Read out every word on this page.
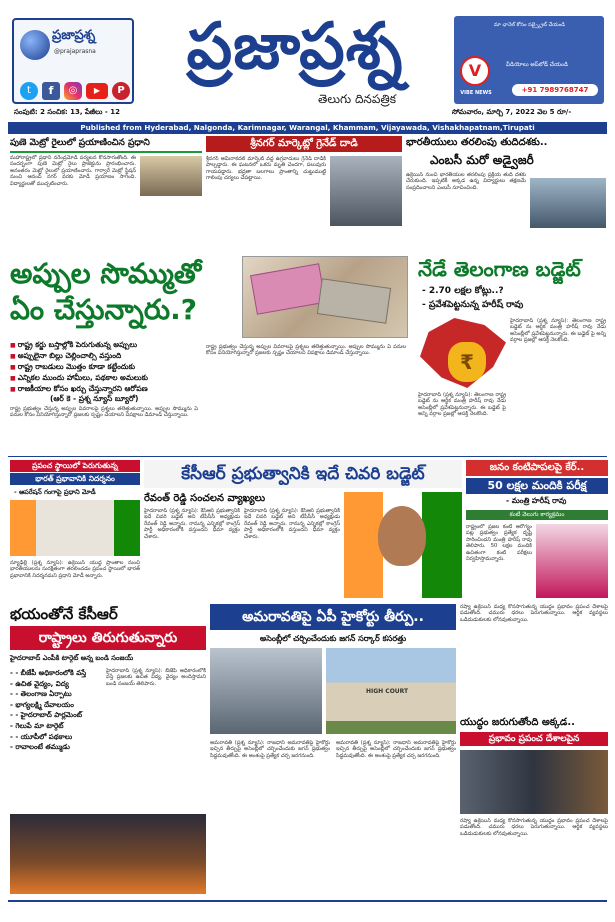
ప్రజాప్రశ్న
@prajaprasna
t	f	◎	▶	P
ప్రజాప్రశ్న
తెలుగు దినపత్రిక
మా ఛానెల్ కోసం సబ్స్క్రైబ్ చేయండి
V
VIBE NEWS
వీడియోలు అప్‌లోడ్ చేయండి
+91 7989768747
సంపుటి: 2 సంచిక: 13, పేజీలు - 12	సోమవారం, మార్చి 7, 2022 వెల 5 రూ/-
Published from Hyderabad, Nalgonda, Karimnagar, Warangal, Khammam, Vijayawada, Vishakhapatnam,Tirupati
పుణె మెట్రో రైలులో ప్రయాణించిన ప్రధాని
మహారాష్ట్రలో ప్రధాని నరేంద్రమోడీ పర్యటన కొనసాగుతోంది. ఈ సందర్భంగా పుణె మెట్రో రైలు ప్రాజెక్టును ప్రారంభించారు. అనంతరం మెట్రో రైలులో ప్రయాణించారు. గార్వారే మెట్రో స్టేషన్ నుంచి ఆనంద్ నగర్ వరకు మోడీ ప్రయాణం సాగింది. విద్యార్థులతో ముచ్చటించారు.
శ్రీనగర్ మార్కెట్లో గ్రెనేడ్ దాడి
శ్రీనగర్ అమీరాకదల్ మార్కెట్ వద్ద ఉగ్రవాదులు గ్రెనేడ్ దాడికి పాల్పడ్డారు. ఈ ఘటనలో ఒకరు మృతి చెందగా, పలువురు గాయపడ్డారు. భద్రతా బలగాలు ప్రాంతాన్ని చుట్టుముట్టి గాలింపు చర్యలు చేపట్టాయి.
భారతీయులు తరలింపు తుదిదశకు..
ఎంబసీ మరో అడ్వైజరీ
ఉక్రెయిన్ నుంచి భారతీయుల తరలింపు ప్రక్రియ తుది దశకు చేరుకుంది. ఇప్పటికీ అక్కడ ఉన్న విద్యార్థులు తక్షణమే సంప్రదించాలని ఎంబసీ సూచించింది.
అప్పుల సొమ్ముతో
ఏం చేస్తున్నారు.?
■ రాష్ట్ర కర్జు బస్తాల్లోకి పెరుగుతున్న అప్పులు
■ అప్పులైనా బిల్లు చెల్లించాల్సి వస్తుంది
■ రాష్ట్ర రాబడులు మొత్తం కూడా కట్టేందుకు
■ ఎన్నికల ముందు హామీలు, పథకాల అమలుకు
■ రాజకీయాల కోసం ఖర్చు చేస్తున్నారని ఆరోపణ
(ఆర్ కె - ప్రశ్న న్యూస్ బ్యూరో)
రాష్ట్ర ప్రభుత్వం చేస్తున్న అప్పుల వివరాలపై ప్రశ్నలు తలెత్తుతున్నాయి. అప్పుల సొమ్మును ఏ పనుల కోసం వినియోగిస్తున్నారో ప్రజలకు స్పష్టం చేయాలని విపక్షాలు డిమాండ్ చేస్తున్నాయి.
రాష్ట్ర ప్రభుత్వం చేస్తున్న అప్పుల వివరాలపై ప్రశ్నలు తలెత్తుతున్నాయి. అప్పుల సొమ్మును ఏ పనుల కోసం వినియోగిస్తున్నారో ప్రజలకు స్పష్టం చేయాలని విపక్షాలు డిమాండ్ చేస్తున్నాయి.
నేడే తెలంగాణ బడ్జెట్
- 2.70 లక్షల కోట్లు..?
- ప్రవేశపెట్టనున్న హరీష్ రావు
₹
హైదరాబాద్ (ప్రశ్న న్యూస్): తెలంగాణ రాష్ట్ర బడ్జెట్ ను ఆర్థిక మంత్రి హరీష్ రావు నేడు అసెంబ్లీలో ప్రవేశపెట్టనున్నారు. ఈ బడ్జెట్ పై అన్ని వర్గాల ప్రజల్లో ఆసక్తి నెలకొంది.
హైదరాబాద్ (ప్రశ్న న్యూస్): తెలంగాణ రాష్ట్ర బడ్జెట్ ను ఆర్థిక మంత్రి హరీష్ రావు నేడు అసెంబ్లీలో ప్రవేశపెట్టనున్నారు. ఈ బడ్జెట్ పై అన్ని వర్గాల ప్రజల్లో ఆసక్తి నెలకొంది.
ప్రపంచ స్థాయిలో పెరుగుతున్న
భారత్ ప్రభావానికి నిదర్శనం
- ఆపరేషన్ గంగాపై ప్రధాని మోడీ
న్యూఢిల్లీ (ప్రశ్న న్యూస్): ఉక్రెయిన్ యుద్ధ ప్రాంతాల నుంచి భారతీయులను సురక్షితంగా తరలించడం ప్రపంచ స్థాయిలో భారత్ ప్రభావానికి నిదర్శనమని ప్రధాని మోడీ అన్నారు.
కేసీఆర్ ప్రభుత్వానికి ఇదే చివరి బడ్జెట్
రేవంత్ రెడ్డి సంచలన వ్యాఖ్యలు
హైదరాబాద్ (ప్రశ్న న్యూస్): కేసీఆర్ ప్రభుత్వానికి ఇదే చివరి బడ్జెట్ అని టీపీసీసీ అధ్యక్షుడు రేవంత్ రెడ్డి అన్నారు. రానున్న ఎన్నికల్లో కాంగ్రెస్ పార్టీ అధికారంలోకి వస్తుందని ధీమా వ్యక్తం చేశారు.
హైదరాబాద్ (ప్రశ్న న్యూస్): కేసీఆర్ ప్రభుత్వానికి ఇదే చివరి బడ్జెట్ అని టీపీసీసీ అధ్యక్షుడు రేవంత్ రెడ్డి అన్నారు. రానున్న ఎన్నికల్లో కాంగ్రెస్ పార్టీ అధికారంలోకి వస్తుందని ధీమా వ్యక్తం చేశారు.
జనం కంటిపాపలపై కేర్..
50 లక్షల మందికి పరీక్ష
- మంత్రి హరీష్ రావు
కంటి వెలుగు కార్యక్రమం
రాష్ట్రంలో ప్రజల కంటి ఆరోగ్యం పట్ల ప్రభుత్వం ప్రత్యేక దృష్టి సారించిందని మంత్రి హరీష్ రావు తెలిపారు. 50 లక్షల మందికి ఉచితంగా కంటి పరీక్షలు నిర్వహిస్తామన్నారు.
భయంతోనే కేసీఆర్
రాష్ట్రాలు తిరుగుతున్నారు
హైదరాబాద్ ఎంపీకి టార్గెట్ అన్న బండి సంజయ్
- - బీజేపీ అధికారంలోకి వస్తే
- ఉచిత వైద్యం, విద్య
- - తెలంగాణ ఏర్పాటు
- భాగ్యలక్ష్మి దేవాలయం
- - హైదరాబాద్ పార్లమెంట్
- గెలుపే మా టార్గెట్
- - యూపీలో పథకాలు
- రావాలంటే తమ్ముడు
హైదరాబాద్ (ప్రశ్న న్యూస్): బీజేపీ అధికారంలోకి వస్తే ప్రజలకు ఉచిత విద్య, వైద్యం అందిస్తామని బండి సంజయ్ తెలిపారు.
అమరావతిపై ఏపీ హైకోర్టు తీర్పు..
అసెంబ్లీలో చర్చించేందుకు జగన్ సర్కార్ కసరత్తు
HIGH COURT
అమరావతి (ప్రశ్న న్యూస్): రాజధాని అమరావతిపై హైకోర్టు ఇచ్చిన తీర్పుపై అసెంబ్లీలో చర్చించేందుకు జగన్ ప్రభుత్వం సిద్ధమవుతోంది. ఈ అంశంపై ప్రత్యేక చర్చ జరగనుంది.
అమరావతి (ప్రశ్న న్యూస్): రాజధాని అమరావతిపై హైకోర్టు ఇచ్చిన తీర్పుపై అసెంబ్లీలో చర్చించేందుకు జగన్ ప్రభుత్వం సిద్ధమవుతోంది. ఈ అంశంపై ప్రత్యేక చర్చ జరగనుంది.
రష్యా ఉక్రెయిన్ మధ్య కొనసాగుతున్న యుద్ధం ప్రభావం ప్రపంచ దేశాలపై పడుతోంది. చమురు ధరలు పెరుగుతున్నాయి. ఆర్థిక వ్యవస్థలు ఒడిదుడుకులకు లోనవుతున్నాయి.
యుద్ధం జరుగుతోంది అక్కడ..
ప్రభావం ప్రపంచ దేశాలపైన
రష్యా ఉక్రెయిన్ మధ్య కొనసాగుతున్న యుద్ధం ప్రభావం ప్రపంచ దేశాలపై పడుతోంది. చమురు ధరలు పెరుగుతున్నాయి. ఆర్థిక వ్యవస్థలు ఒడిదుడుకులకు లోనవుతున్నాయి.
